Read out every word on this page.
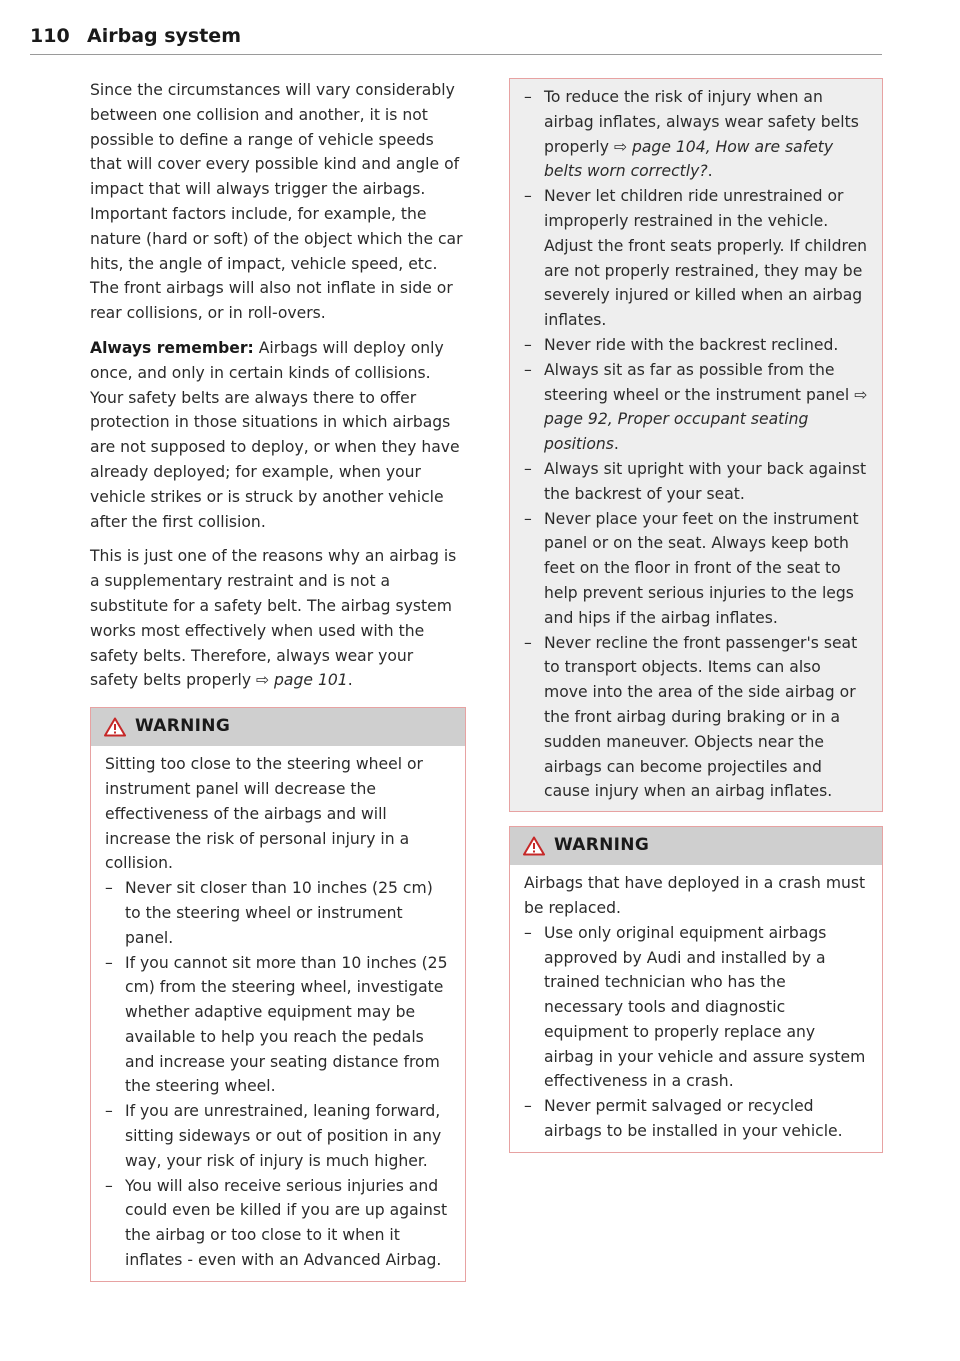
110 Airbag system

Since the circumstances will vary considerably between one collision and another, it is not possible to define a range of vehicle speeds that will cover every possible kind and angle of impact that will always trigger the airbags. Important factors include, for example, the nature (hard or soft) of the object which the car hits, the angle of impact, vehicle speed, etc. The front airbags will also not inflate in side or rear collisions, or in roll-overs.

Always remember: Airbags will deploy only once, and only in certain kinds of collisions. Your safety belts are always there to offer protection in those situations in which airbags are not supposed to deploy, or when they have already deployed; for example, when your vehicle strikes or is struck by another vehicle after the first collision.

This is just one of the reasons why an airbag is a supplementary restraint and is not a substitute for a safety belt. The airbag system works most effectively when used with the safety belts. Therefore, always wear your safety belts properly ⇨ page 101.

WARNING

Sitting too close to the steering wheel or instrument panel will decrease the effectiveness of the airbags and will increase the risk of personal injury in a collision.

– Never sit closer than 10 inches (25 cm) to the steering wheel or instrument panel.
– If you cannot sit more than 10 inches (25 cm) from the steering wheel, investigate whether adaptive equipment may be available to help you reach the pedals and increase your seating distance from the steering wheel.
– If you are unrestrained, leaning forward, sitting sideways or out of position in any way, your risk of injury is much higher.
– You will also receive serious injuries and could even be killed if you are up against the airbag or too close to it when it inflates - even with an Advanced Airbag.
– To reduce the risk of injury when an airbag inflates, always wear safety belts properly ⇨ page 104, How are safety belts worn correctly?.
– Never let children ride unrestrained or improperly restrained in the vehicle. Adjust the front seats properly. If children are not properly restrained, they may be severely injured or killed when an airbag inflates.
– Never ride with the backrest reclined.
– Always sit as far as possible from the steering wheel or the instrument panel ⇨ page 92, Proper occupant seating positions.
– Always sit upright with your back against the backrest of your seat.
– Never place your feet on the instrument panel or on the seat. Always keep both feet on the floor in front of the seat to help prevent serious injuries to the legs and hips if the airbag inflates.
– Never recline the front passenger's seat to transport objects. Items can also move into the area of the side airbag or the front airbag during braking or in a sudden maneuver. Objects near the airbags can become projectiles and cause injury when an airbag inflates.
WARNING

Airbags that have deployed in a crash must be replaced.

– Use only original equipment airbags approved by Audi and installed by a trained technician who has the necessary tools and diagnostic equipment to properly replace any airbag in your vehicle and assure system effectiveness in a crash.
– Never permit salvaged or recycled airbags to be installed in your vehicle.
